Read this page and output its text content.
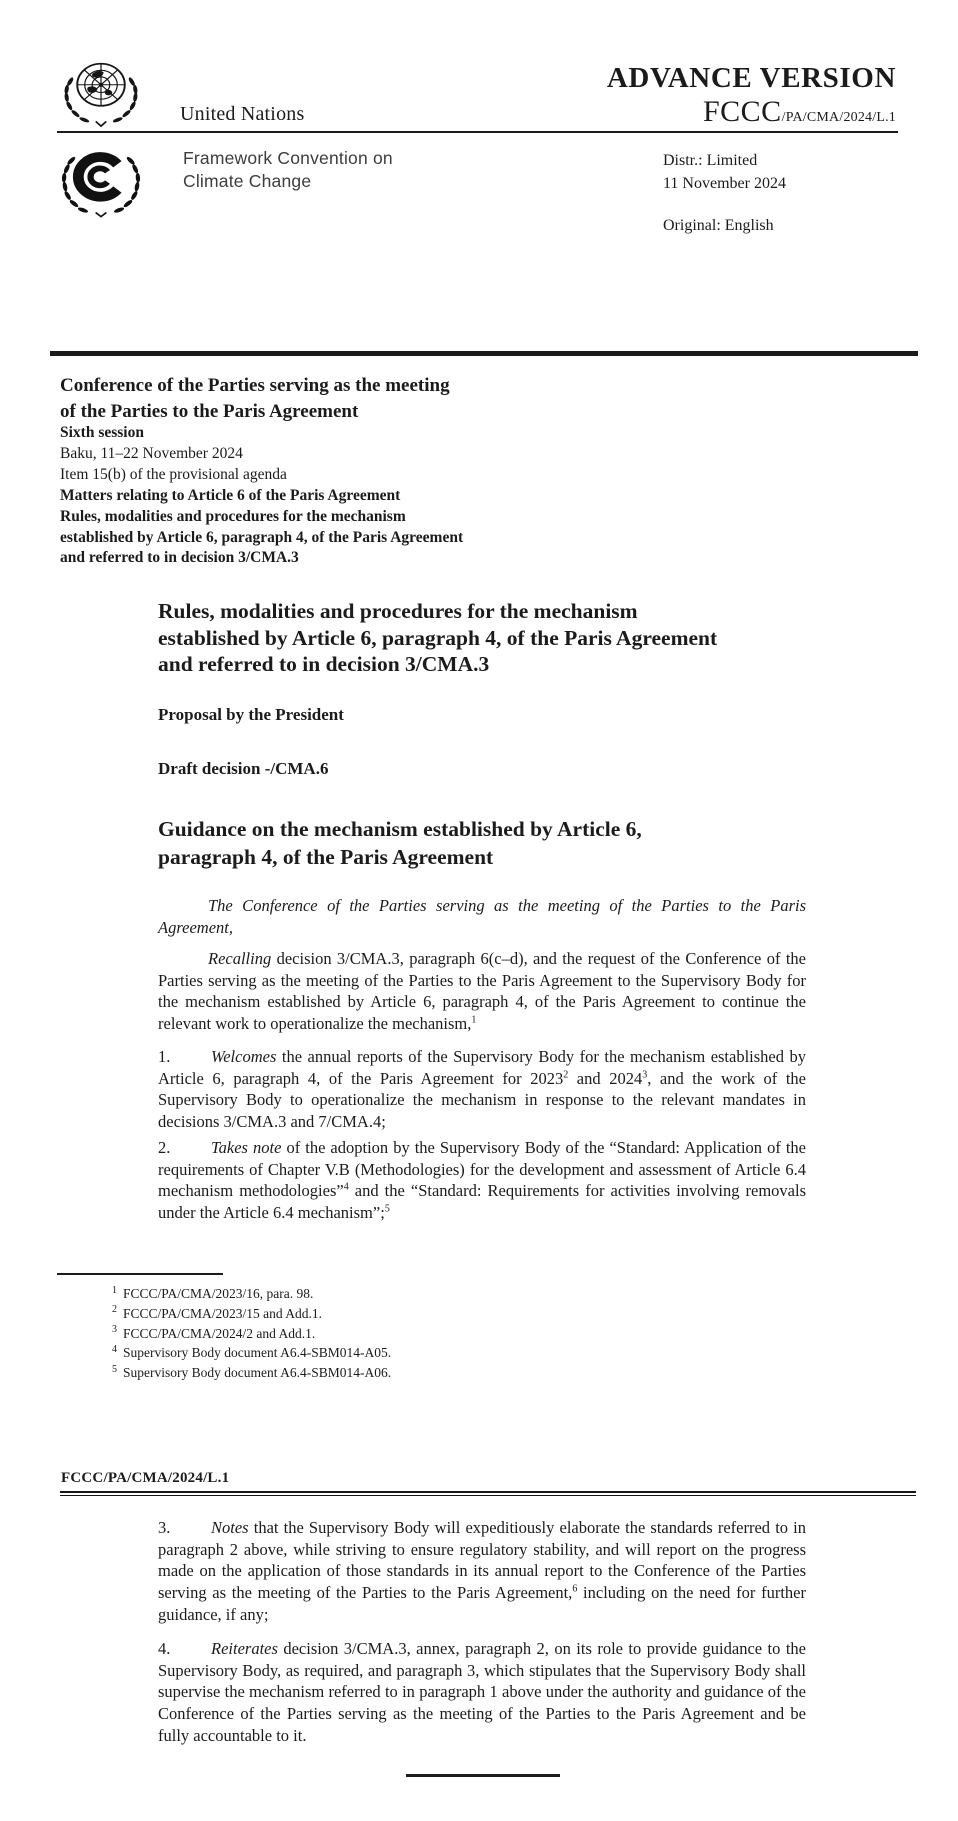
United Nations
ADVANCE VERSION
FCCC/PA/CMA/2024/L.1
Framework Convention on
Climate Change
Distr.: Limited
11 November 2024
Original: English
Conference of the Parties serving as the meeting
of the Parties to the Paris Agreement
Sixth session
Baku, 11–22 November 2024
Item 15(b) of the provisional agenda
Matters relating to Article 6 of the Paris Agreement
Rules, modalities and procedures for the mechanism
established by Article 6, paragraph 4, of the Paris Agreement
and referred to in decision 3/CMA.3
Rules, modalities and procedures for the mechanism
established by Article 6, paragraph 4, of the Paris Agreement
and referred to in decision 3/CMA.3
Proposal by the President
Draft decision -/CMA.6
Guidance on the mechanism established by Article 6,
paragraph 4, of the Paris Agreement
The Conference of the Parties serving as the meeting of the Parties to the Paris Agreement,
Recalling decision 3/CMA.3, paragraph 6(c–d), and the request of the Conference of the Parties serving as the meeting of the Parties to the Paris Agreement to the Supervisory Body for the mechanism established by Article 6, paragraph 4, of the Paris Agreement to continue the relevant work to operationalize the mechanism,$^1$
1. Welcomes the annual reports of the Supervisory Body for the mechanism established by Article 6, paragraph 4, of the Paris Agreement for 2023$^2$ and 2024$^3$, and the work of the Supervisory Body to operationalize the mechanism in response to the relevant mandates in decisions 3/CMA.3 and 7/CMA.4;
2. Takes note of the adoption by the Supervisory Body of the “Standard: Application of the requirements of Chapter V.B (Methodologies) for the development and assessment of Article 6.4 mechanism methodologies”$^4$ and the “Standard: Requirements for activities involving removals under the Article 6.4 mechanism”;$^5$
$^1$ FCCC/PA/CMA/2023/16, para. 98.
$^2$ FCCC/PA/CMA/2023/15 and Add.1.
$^3$ FCCC/PA/CMA/2024/2 and Add.1.
$^4$ Supervisory Body document A6.4-SBM014-A05.
$^5$ Supervisory Body document A6.4-SBM014-A06.
FCCC/PA/CMA/2024/L.1
3. Notes that the Supervisory Body will expeditiously elaborate the standards referred to in paragraph 2 above, while striving to ensure regulatory stability, and will report on the progress made on the application of those standards in its annual report to the Conference of the Parties serving as the meeting of the Parties to the Paris Agreement,$^6$ including on the need for further guidance, if any;
4. Reiterates decision 3/CMA.3, annex, paragraph 2, on its role to provide guidance to the Supervisory Body, as required, and paragraph 3, which stipulates that the Supervisory Body shall supervise the mechanism referred to in paragraph 1 above under the authority and guidance of the Conference of the Parties serving as the meeting of the Parties to the Paris Agreement and be fully accountable to it.
